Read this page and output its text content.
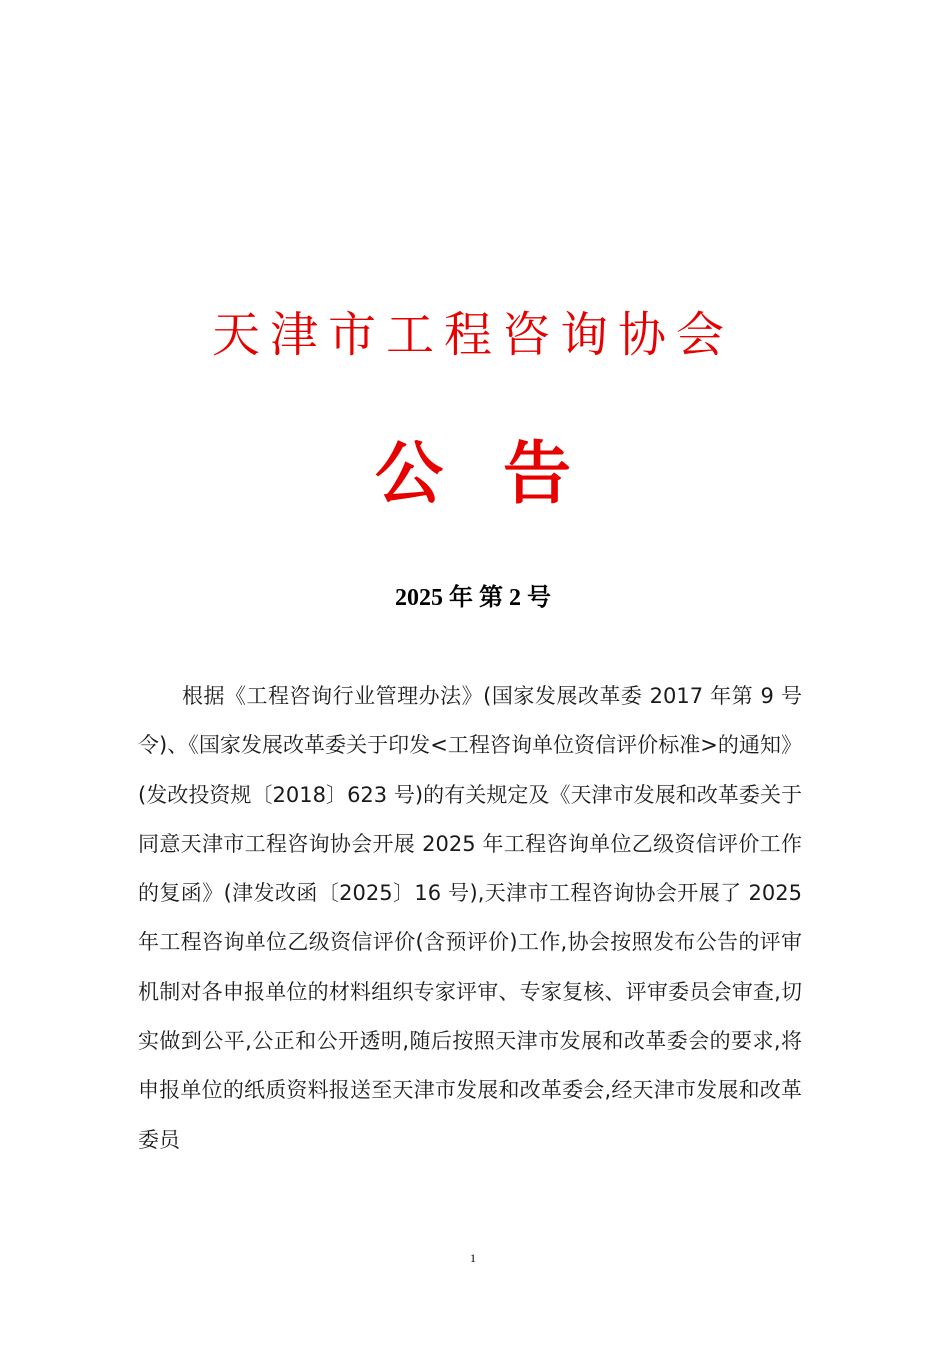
天津市工程咨询协会
公 告
2025 年 第 2 号

根据《工程咨询行业管理办法》(国家发展改革委 2017 年第 9 号令)、《国家发展改革委关于印发<工程咨询单位资信评价标准>的通知》(发改投资规〔2018〕623 号)的有关规定及《天津市发展和改革委关于同意天津市工程咨询协会开展 2025 年工程咨询单位乙级资信评价工作的复函》(津发改函〔2025〕16 号),天津市工程咨询协会开展了 2025 年工程咨询单位乙级资信评价(含预评价)工作,协会按照发布公告的评审机制对各申报单位的材料组织专家评审、专家复核、评审委员会审查,切实做到公平,公正和公开透明,随后按照天津市发展和改革委会的要求,将申报单位的纸质资料报送至天津市发展和改革委会,经天津市发展和改革委员

1
